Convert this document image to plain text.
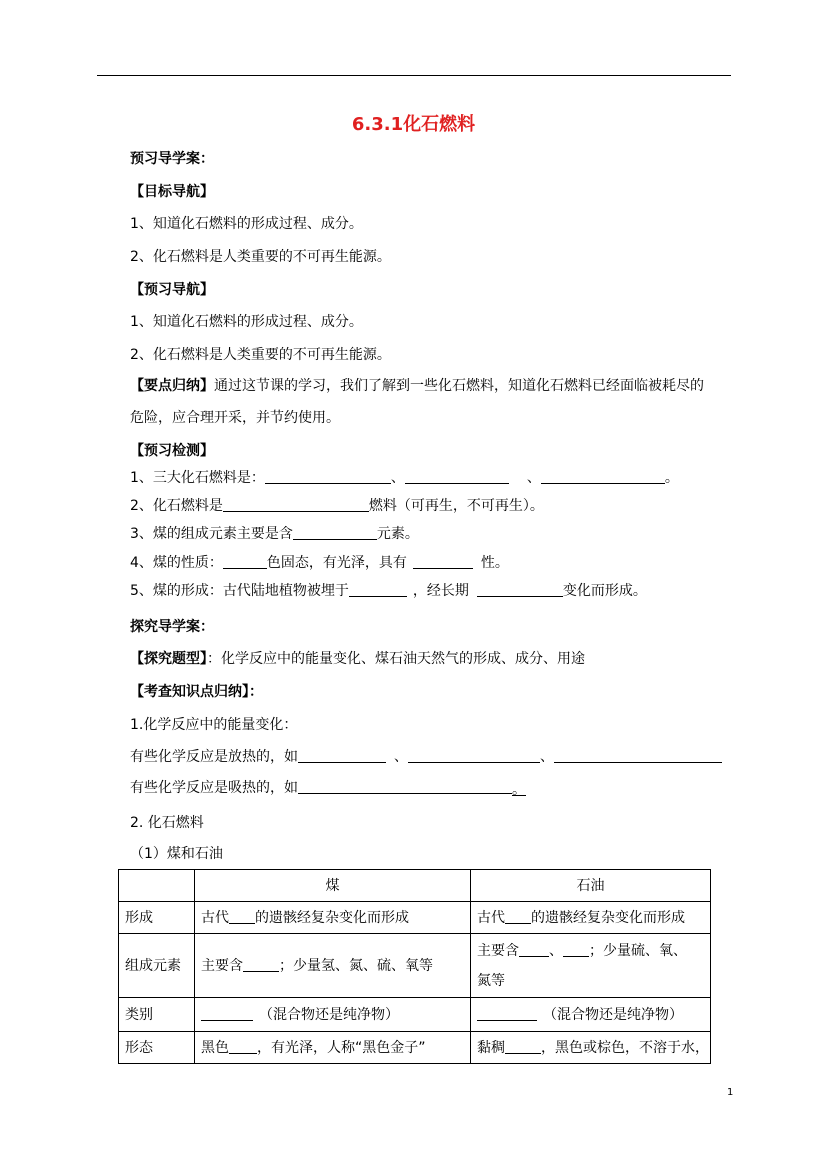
6.3.1化石燃料
预习导学案：
【目标导航】
1、知道化石燃料的形成过程、成分。
2、化石燃料是人类重要的不可再生能源。
【预习导航】
1、知道化石燃料的形成过程、成分。
2、化石燃料是人类重要的不可再生能源。
【要点归纳】通过这节课的学习，我们了解到一些化石燃料，知道化石燃料已经面临被耗尽的
危险，应合理开采，并节约使用。
【预习检测】
1、三大化石燃料是：	、	、	。
2、化石燃料是	燃料（可再生，不可再生）。
3、煤的组成元素主要是含	元素。
4、煤的性质：	色固态，有光泽，具有	性。
5、煤的形成：古代陆地植物被埋于	，经长期	变化而形成。
探究导学案：
【探究题型】：化学反应中的能量变化、煤石油天然气的形成、成分、用途
【考查知识点归纳】：
1.化学反应中的能量变化：
有些化学反应是放热的，如	、	、
有些化学反应是吸热的，如	。
2. 化石燃料
（1）煤和石油
	煤	石油
形成	古代 的遗骸经复杂变化而形成	古代 的遗骸经复杂变化而形成
组成元素	主要含 ；少量氢、氮、硫、氧等	主要含 、 ；少量硫、氧、
氮等
类别	（混合物还是纯净物）	（混合物还是纯净物）
形态	黑色 ，有光泽，人称“黑色金子”	黏稠 ，黑色或棕色，不溶于水，
1
